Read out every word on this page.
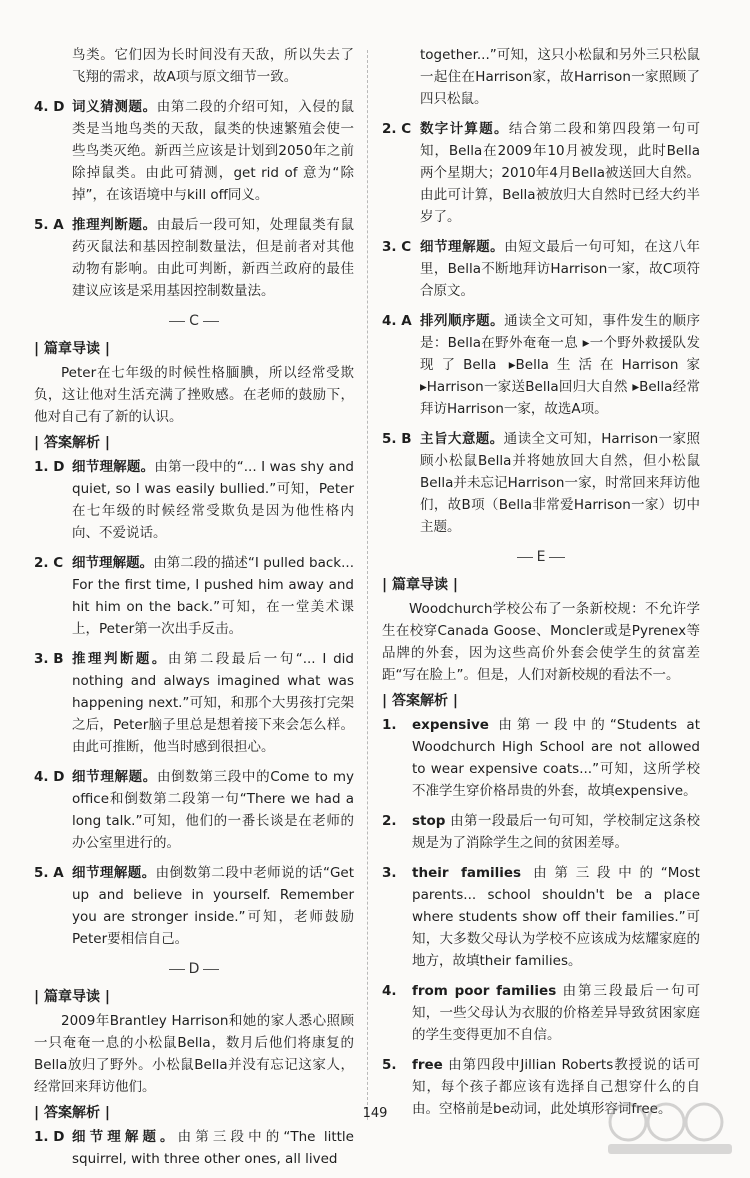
鸟类。它们因为长时间没有天敌，所以失去了飞翔的需求，故A项与原文细节一致。

4. D 词义猜测题。由第二段的介绍可知，入侵的鼠类是当地鸟类的天敌，鼠类的快速繁殖会使一些鸟类灭绝。新西兰应该是计划到2050年之前除掉鼠类。由此可猜测，get rid of 意为“除掉”，在该语境中与kill off同义。
5. A 推理判断题。由最后一段可知，处理鼠类有鼠药灭鼠法和基因控制数量法，但是前者对其他动物有影响。由此可判断，新西兰政府的最佳建议应该是采用基因控制数量法。
C
| 篇章导读 |

Peter在七年级的时候性格腼腆，所以经常受欺负，这让他对生活充满了挫败感。在老师的鼓励下，他对自己有了新的认识。

| 答案解析 |
1. D 细节理解题。由第一段中的“... I was shy and quiet, so I was easily bullied.”可知，Peter在七年级的时候经常受欺负是因为他性格内向、不爱说话。
2. C 细节理解题。由第二段的描述“I pulled back... For the first time, I pushed him away and hit him on the back.”可知，在一堂美术课上，Peter第一次出手反击。
3. B 推理判断题。由第二段最后一句“... I did nothing and always imagined what was happening next.”可知，和那个大男孩打完架之后，Peter脑子里总是想着接下来会怎么样。由此可推断，他当时感到很担心。
4. D 细节理解题。由倒数第三段中的Come to my office和倒数第二段第一句“There we had a long talk.”可知，他们的一番长谈是在老师的办公室里进行的。
5. A 细节理解题。由倒数第二段中老师说的话“Get up and believe in yourself. Remember you are stronger inside.”可知，老师鼓励Peter要相信自己。
D
| 篇章导读 |

2009年Brantley Harrison和她的家人悉心照顾一只奄奄一息的小松鼠Bella，数月后他们将康复的Bella放归了野外。小松鼠Bella并没有忘记这家人，经常回来拜访他们。

| 答案解析 |
1. D 细节理解题。由第三段中的“The little squirrel, with three other ones, all lived

together...”可知，这只小松鼠和另外三只松鼠一起住在Harrison家，故Harrison一家照顾了四只松鼠。

2. C 数字计算题。结合第二段和第四段第一句可知，Bella在2009年10月被发现，此时Bella两个星期大；2010年4月Bella被送回大自然。由此可计算，Bella被放归大自然时已经大约半岁了。
3. C 细节理解题。由短文最后一句可知，在这八年里，Bella不断地拜访Harrison一家，故C项符合原文。
4. A 排列顺序题。通读全文可知，事件发生的顺序是：Bella在野外奄奄一息 ▸一个野外救援队发现了Bella ▸Bella生活在Harrison家 ▸Harrison一家送Bella回归大自然 ▸Bella经常拜访Harrison一家，故选A项。
5. B 主旨大意题。通读全文可知，Harrison一家照顾小松鼠Bella并将她放回大自然，但小松鼠Bella并未忘记Harrison一家，时常回来拜访他们，故B项（Bella非常爱Harrison一家）切中主题。
E
| 篇章导读 |

Woodchurch学校公布了一条新校规：不允许学生在校穿Canada Goose、Moncler或是Pyrenex等品牌的外套，因为这些高价外套会使学生的贫富差距“写在脸上”。但是，人们对新校规的看法不一。

| 答案解析 |
1.	expensive 由第一段中的“Students at Woodchurch High School are not allowed to wear expensive coats...”可知，这所学校不准学生穿价格昂贵的外套，故填expensive。
2.	stop 由第一段最后一句可知，学校制定这条校规是为了消除学生之间的贫困差辱。
3.	their families 由第三段中的“Most parents... school shouldn't be a place where students show off their families.”可知，大多数父母认为学校不应该成为炫耀家庭的地方，故填their families。
4.	from poor families 由第三段最后一句可知，一些父母认为衣服的价格差异导致贫困家庭的学生变得更加不自信。
5.	free 由第四段中Jillian Roberts教授说的话可知，每个孩子都应该有选择自己想穿什么的自由。空格前是be动词，此处填形容词free。
149
